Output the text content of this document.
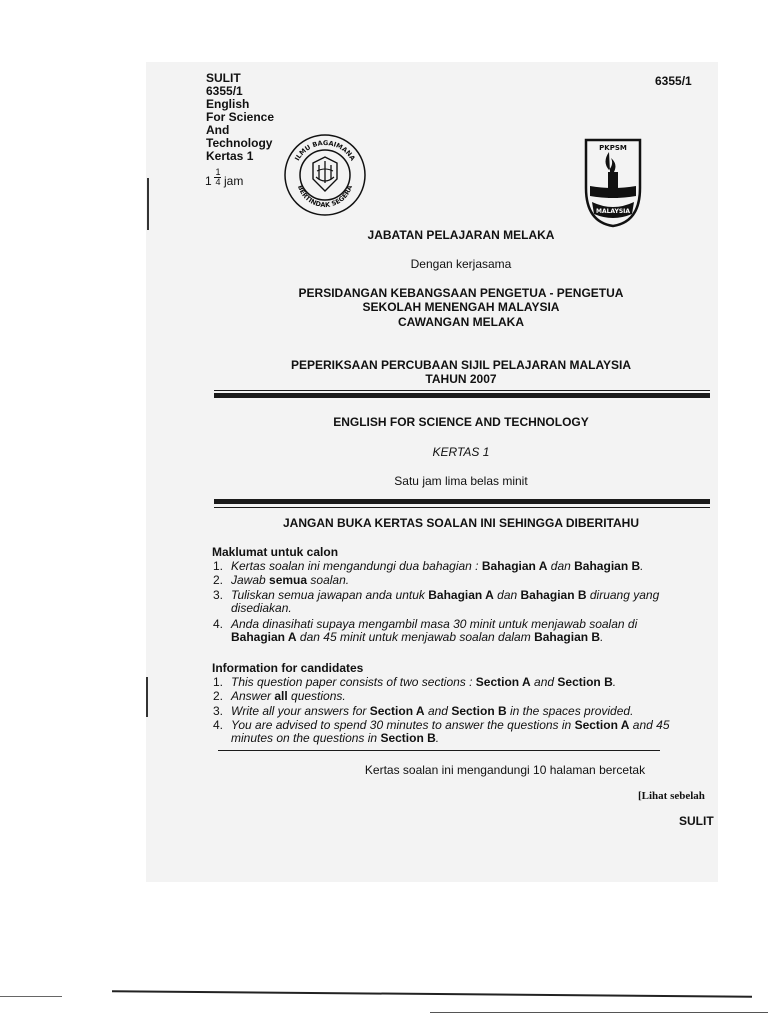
SULIT
6355/1
English
For Science
And
Technology
Kertas 1
1
1
4 jam
6355/1
ILMU BAGAIMANA
BERTINDAK SEGERA
PKPSM
MALAYSIA
JABATAN PELAJARAN MELAKA
Dengan kerjasama
PERSIDANGAN KEBANGSAAN PENGETUA - PENGETUA
SEKOLAH MENENGAH MALAYSIA
CAWANGAN MELAKA
PEPERIKSAAN PERCUBAAN SIJIL PELAJARAN MALAYSIA
TAHUN 2007
ENGLISH FOR SCIENCE AND TECHNOLOGY
KERTAS 1
Satu jam lima belas minit
JANGAN BUKA KERTAS SOALAN INI SEHINGGA DIBERITAHU
Maklumat untuk calon
1. Kertas soalan ini mengandungi dua bahagian : Bahagian A dan Bahagian B.
2. Jawab semua soalan.
3. Tuliskan semua jawapan anda untuk Bahagian A dan Bahagian B diruang yang
disediakan.
4. Anda dinasihati supaya mengambil masa 30 minit untuk menjawab soalan di
Bahagian A dan 45 minit untuk menjawab soalan dalam Bahagian B.
Information for candidates
1. This question paper consists of two sections : Section A and Section B.
2. Answer all questions.
3. Write all your answers for Section A and Section B in the spaces provided.
4. You are advised to spend 30 minutes to answer the questions in Section A and 45
minutes on the questions in Section B.
Kertas soalan ini mengandungi 10 halaman bercetak
[Lihat sebelah
SULIT
